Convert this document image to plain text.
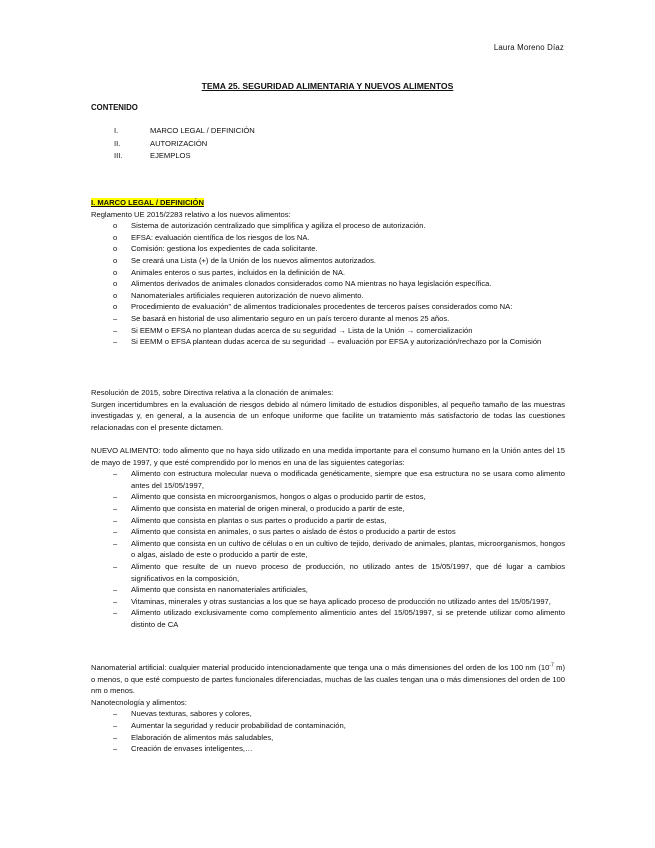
Laura Moreno Díaz
TEMA 25. SEGURIDAD ALIMENTARIA Y NUEVOS ALIMENTOS
CONTENIDO
I.	MARCO LEGAL / DEFINICIÓN
II.	AUTORIZACIÓN
III.	EJEMPLOS
I. MARCO LEGAL / DEFINICIÓN
Reglamento UE 2015/2283 relativo a los nuevos alimentos:
o Sistema de autorización centralizado que simplifica y agiliza el proceso de autorización.
o EFSA: evaluación científica de los riesgos de los NA.
o Comisión: gestiona los expedientes de cada solicitante.
o Se creará una Lista (+) de la Unión de los nuevos alimentos autorizados.
o Animales enteros o sus partes, incluidos en la definición de NA.
o Alimentos derivados de animales clonados considerados como NA mientras no haya legislación específica.
o Nanomateriales artificiales requieren autorización de nuevo alimento.
o Procedimiento de evaluación" de alimentos tradicionales procedentes de terceros países considerados como NA:
– Se basará en historial de uso alimentario seguro en un país tercero durante al menos 25 años.
– Si EEMM o EFSA no plantean dudas acerca de su seguridad → Lista de la Unión → comercialización
– Si EEMM o EFSA plantean dudas acerca de su seguridad → evaluación por EFSA y autorización/rechazo por la Comisión
Resolución de 2015, sobre Directiva relativa a la clonación de animales:
Surgen incertidumbres en la evaluación de riesgos debido al número limitado de estudios disponibles, al pequeño tamaño de las muestras investigadas y, en general, a la ausencia de un enfoque uniforme que facilite un tratamiento más satisfactorio de todas las cuestiones relacionadas con el presente dictamen.
NUEVO ALIMENTO: todo alimento que no haya sido utilizado en una medida importante para el consumo humano en la Unión antes del 15 de mayo de 1997, y que esté comprendido por lo menos en una de las siguientes categorías:
– Alimento con estructura molecular nueva o modificada genéticamente, siempre que esa estructura no se usara como alimento antes del 15/05/1997,
– Alimento que consista en microorganismos, hongos o algas o producido partir de estos,
– Alimento que consista en material de origen mineral, o producido a partir de este,
– Alimento que consista en plantas o sus partes o producido a partir de estas,
– Alimento que consista en animales, o sus partes o aislado de éstos o producido a partir de estos
– Alimento que consista en un cultivo de células o en un cultivo de tejido, derivado de animales, plantas, microorganismos, hongos o algas, aislado de este o producido a partir de este,
– Alimento que resulte de un nuevo proceso de producción, no utilizado antes de 15/05/1997, que dé lugar a cambios significativos en la composición,
– Alimento que consista en nanomateriales artificiales,
– Vitaminas, minerales y otras sustancias a los que se haya aplicado proceso de producción no utilizado antes del 15/05/1997,
– Alimento utilizado exclusivamente como complemento alimenticio antes del 15/05/1997, si se pretende utilizar como alimento distinto de CA
Nanomaterial artificial: cualquier material producido intencionadamente que tenga una o más dimensiones del orden de los 100 nm ($10^{-7}$ m) o menos, o que esté compuesto de partes funcionales diferenciadas, muchas de las cuales tengan una o más dimensiones del orden de 100 nm o menos.
Nanotecnología y alimentos:
– Nuevas texturas, sabores y colores,
– Aumentar la seguridad y reducir probabilidad de contaminación,
– Elaboración de alimentos más saludables,
– Creación de envases inteligentes,…
